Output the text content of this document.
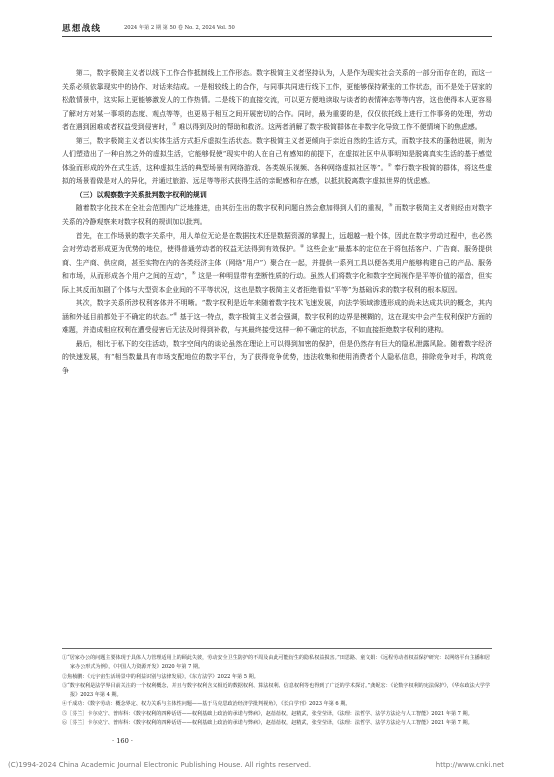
思想战线	2024 年第 2 期 第 50 卷 No. 2, 2024 Vol. 50

第二，数字极简主义者以线下工作合作抵制线上工作形态。数字极简主义者坚持认为，人是作为现实社会关系的一部分而存在的，而这一关系必须依靠现实中的协作、对话来结成。一是相较线上的合作，与同事共同进行线下工作，更能够保持紧张的工作状态，而不是处于居家的松散情景中，这实际上更能够激发人的工作热情。二是线下的直接交流，可以更方便地读取与谈者的表情神态等等内容，这也使得本人更容易了解对方对某一事项的态度、观点等等，也更易于相互之间开展密切的合作。同时，最为重要的是，仅仅依托线上进行工作事务的处理，劳动者在遇到困难或者权益受到侵害时，① 难以得到及时的帮助和救济。这两者消解了数字极简群体在非数字化导致工作不便情境下的焦虑感。

第三，数字极简主义者以实体生活方式拒斥虚拟生活状态。数字极简主义者更倾向于亲近自然的生活方式，而数字技术的蓬勃进展，则为人们塑造出了一种自然之外的虚拟生活，它能够促使“现实中的人在自己有感知的前提下，在虚拟社区中从事明知是脱离真实生活的基于感觉体验而形成的外在式生活，这种虚拟生活的典型场景有网络游戏、各类娱乐视频、各种网络虚拟社区等”。② 奉行数字极简的群体，将这些虚拟的场景看做是对人的异化，并通过旅游、远足等等形式获得生活的亲昵感和存在感，以抵抗脱离数字虚拟世界的忧虑感。

（三）以观察数字关系批判数字权利的规训

随着数字化技术在全社会范围内广泛地推进，由其衍生出的数字权利问题自然会愈加得到人们的重视，③ 而数字极简主义者则经由对数字关系的冷静观察来对数字权利的规训加以批判。

首先，在工作场景的数字关系中，用人单位无论是在数据技术还是数据资源的掌握上，远超越一般个体，因此在数字劳动过程中，也必然会对劳动者形成更为优势的地位，使得普通劳动者的权益无法得到有效保护。④ 这些企业“最基本的定位在于将包括客户、广告商、服务提供商、生产商、供应商，甚至实物在内的各类经济主体（网络“用户”）聚合在一起，并提供一系列工具以便各类用户能够构建自己的产品、服务和市场，从而形成各个用户之间的互动”，⑤ 这是一种明显带有垄断性质的行动。虽然人们将数字化和数字空间视作是平等价值的福音，但实际上其反而加剧了个体与大型资本企业间的不平等状况，这也是数字极简主义者拒绝看似“平等”为基础诉求的数字权利的根本原因。

其次，数字关系所涉权利客体并不明晰。“数字权利是近年来随着数字技术飞速发展，向法学领域渗透形成的尚未达成共识的概念，其内涵和外延目前都处于不确定的状态。”⑥ 基于这一特点，数字极简主义者会强调，数字权利的边界是模糊的，这在现实中会产生权利保护方面的难题，并造成相应权利在遭受侵害后无法及时得到补救，与其最终接受这样一种不确定的状态，不如直接拒绝数字权利的建构。

最后，相比于私下的交往活动，数字空间内的谈论虽然在理论上可以得到加密的保护，但是仍然存有巨大的隐私泄露风险。随着数字经济的快速发展，有“相当数量具有市场支配地位的数字平台，为了获得竞争优势，违法收集和使用消费者个人隐私信息，排除竞争对手，构筑竞争

①“居家办公的问题主要体现于具体人力管理适用上的顾此失彼，劳动安全卫生防护的不周及由此可能衍生的隐私权益损害。”田思路、童文娟：《远程劳动者权益保护研究：以网络平台主播和居家办公形式为例》，《中国人力资源开发》2020 年第 7 期。

②焦桢鹏：《元宇宙生活场景中的利益识别与法律发展》，《东方法学》2022 年第 5 期。

③“数字权利是法学界目前关注的一个权利概念，并且与数字权利含义相近的数据权利、算法权利、信息权利等也得到了广泛的学术探讨。”龚妮宏：《论数字权利的宪法保护》，《华东政法大学学报》2023 年第 4 期。

④千成功：《数字劳动：概念界定、权力关系与主体性问题——基于马克思政治经济学批判视角》，《长白学刊》2023 年第 6 期。

⑤［芬兰］卡尔克宁、普库科：《数字权利的四种话语——权利基础上政治的承诺与弊病》，赵蓓蓓权，赵精武，张莹莹译，《法理：法哲学、法学方法论与人工智能》2021 年第 7 期。

⑥［芬兰］卡尔克宁、普库科：《数字权利的四种话语——权利基础上政治的承诺与弊病》，赵蓓蓓权，赵精武，张莹莹译，《法理：法哲学、法学方法论与人工智能》2021 年第 7 期。

· 160 ·
(C)1994-2024 China Academic Journal Electronic Publishing House. All rights reserved.	http://www.cnki.net
